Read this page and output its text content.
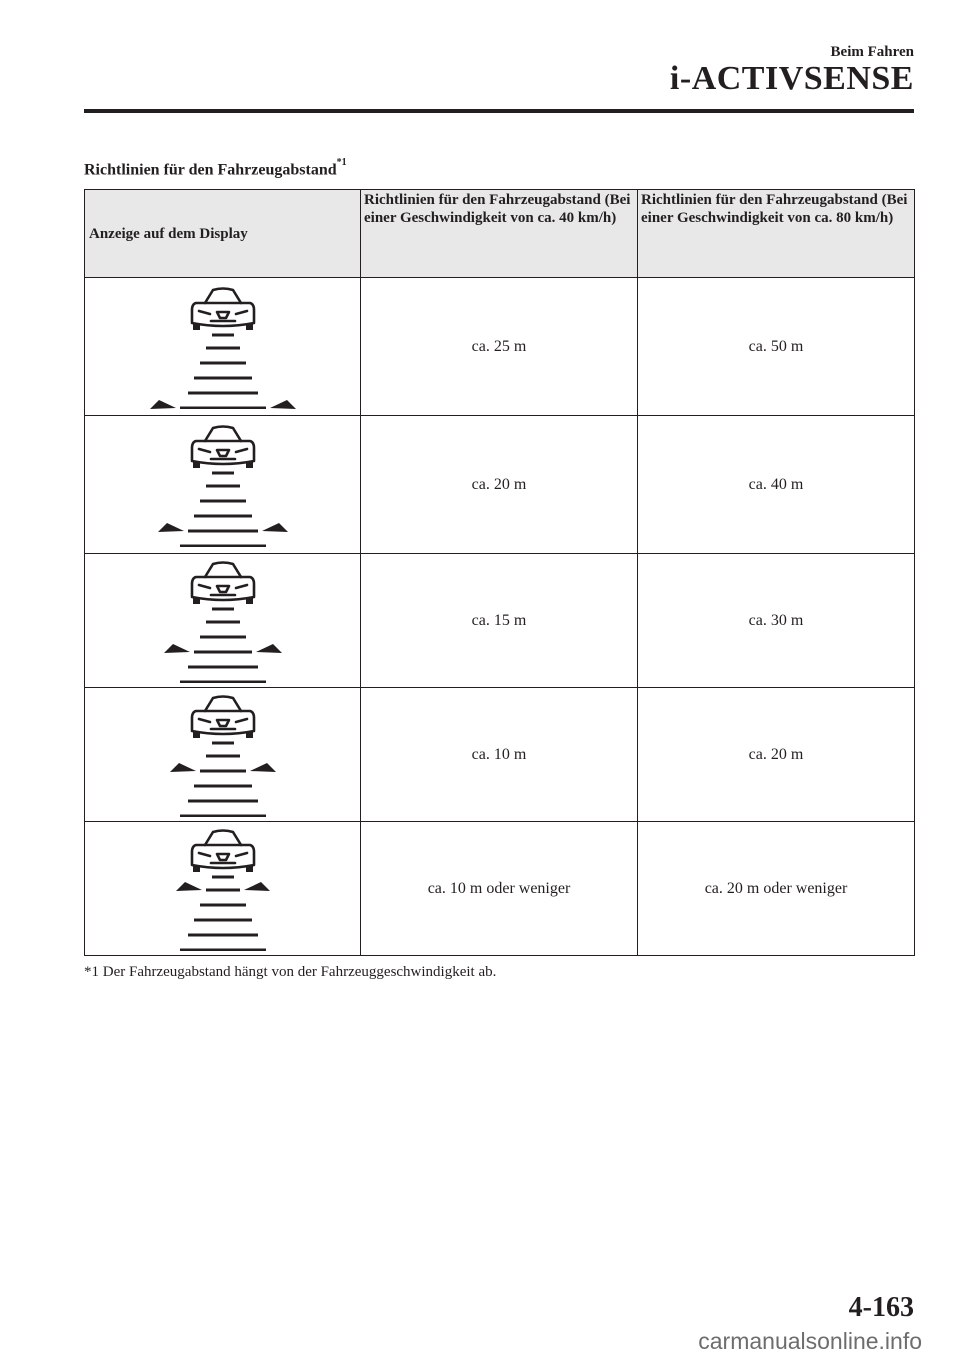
Beim Fahren
i-ACTIVSENSE
Richtlinien für den Fahrzeugabstand$^{*1}$
Anzeige auf dem Display	Richtlinien für den Fahrzeugabstand (Bei einer Geschwindigkeit von ca. 40 km/h)	Richtlinien für den Fahrzeugabstand (Bei einer Geschwindigkeit von ca. 80 km/h)

	ca. 25 m	ca. 50 m

	ca. 20 m	ca. 40 m

	ca. 15 m	ca. 30 m

	ca. 10 m	ca. 20 m

	ca. 10 m oder weniger	ca. 20 m oder weniger
*1 Der Fahrzeugabstand hängt von der Fahrzeuggeschwindigkeit ab.
4-163
carmanualsonline.info
